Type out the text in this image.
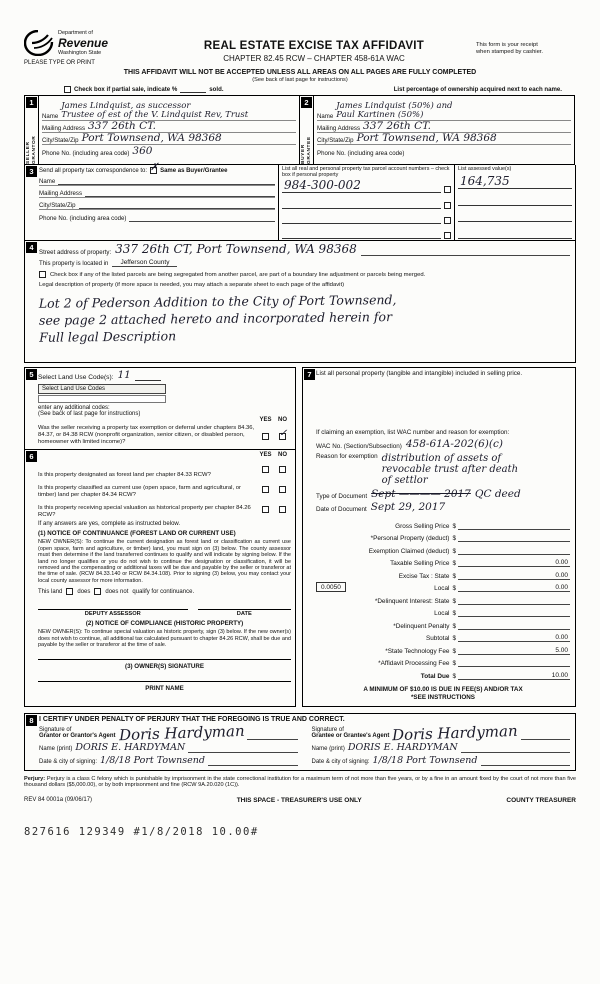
Department of
Revenue
Washington State
PLEASE TYPE OR PRINT
REAL ESTATE EXCISE TAX AFFIDAVIT
CHAPTER 82.45 RCW – CHAPTER 458-61A WAC
This form is your receipt
when stamped by cashier.
THIS AFFIDAVIT WILL NOT BE ACCEPTED UNLESS ALL AREAS ON ALL PAGES ARE FULLY COMPLETED
(See back of last page for instructions)
Check box if partial sale, indicate %	sold.	List percentage of ownership acquired next to each name.
1
SELLER GRANTOR
Name
James Lindquist, as successor
Trustee of est of the V. Lindquist Rev, Trust
Mailing Address 337 26th CT.
City/State/Zip Port Townsend, WA 98368
Phone No. (including area code) 360
2
BUYER GRANTEE
Name
James Lindquist (50%) and
Paul Kartinen (50%)
Mailing Address 337 26th CT.
City/State/Zip Port Townsend, WA 98368
Phone No. (including area code)
3 Send all property tax correspondence to: ✗ Same as Buyer/Grantee
Name
Mailing Address
City/State/Zip
Phone No. (including area code)
List all real and personal property tax parcel account numbers – check box if personal property
984-300-002
List assessed value(s)
164,735
4
Street address of property: 337 26th CT, Port Townsend, WA 98368
This property is located in	Jefferson County
Check box if any of the listed parcels are being segregated from another parcel, are part of a boundary line adjustment or parcels being merged.
Legal description of property (if more space is needed, you may attach a separate sheet to each page of the affidavit)
Lot 2 of Pederson Addition to the City of Port Townsend,
see page 2 attached hereto and incorporated herein for
Full legal Description
5 Select Land Use Code(s): 11
Select Land Use Codes
enter any additional codes:
(See back of last page for instructions)
YES	NO
Was the seller receiving a property tax exemption or deferral under chapters 84.36, 84.37, or 84.38 RCW (nonprofit organization, senior citizen, or disabled person, homeowner with limited income)?
✓
6	YES	NO
Is this property designated as forest land per chapter 84.33 RCW?
Is this property classified as current use (open space, farm and agricultural, or timber) land per chapter 84.34 RCW?
Is this property receiving special valuation as historical property per chapter 84.26 RCW?
If any answers are yes, complete as instructed below.
(1) NOTICE OF CONTINUANCE (FOREST LAND OR CURRENT USE)
NEW OWNER(S): To continue the current designation as forest land or classification as current use (open space, farm and agriculture, or timber) land, you must sign on (3) below. The county assessor must then determine if the land transferred continues to qualify and will indicate by signing below. If the land no longer qualifies or you do not wish to continue the designation or classification, it will be removed and the compensating or additional taxes will be due and payable by the seller or transferor at the time of sale. (RCW 84.33.140 or RCW 84.34.108). Prior to signing (3) below, you may contact your local county assessor for more information.
This land	does	does not qualify for continuance.
DEPUTY ASSESSOR	DATE
(2) NOTICE OF COMPLIANCE (HISTORIC PROPERTY)
NEW OWNER(S): To continue special valuation as historic property, sign (3) below. If the new owner(s) does not wish to continue, all additional tax calculated pursuant to chapter 84.26 RCW, shall be due and payable by the seller or transferor at the time of sale.
(3) OWNER(S) SIGNATURE
PRINT NAME
7 List all personal property (tangible and intangible) included in selling price.
If claiming an exemption, list WAC number and reason for exemption:
WAC No. (Section/Subsection) 458-61A-202(6)(c)
Reason for exemption distribution of assets of
revocable trust after death
of settlor
Type of Document Sept ———— 2017 QC deed
Date of Document Sept 29, 2017
Gross Selling Price $
*Personal Property (deduct) $
Exemption Claimed (deduct) $
Taxable Selling Price $	0.00
Excise Tax : State $	0.00
0.0050	Local $	0.00
*Delinquent Interest: State $
Local $
*Delinquent Penalty $
Subtotal $	0.00
*State Technology Fee $	5.00
*Affidavit Processing Fee $
Total Due $	10.00
A MINIMUM OF $10.00 IS DUE IN FEE(S) AND/OR TAX
*SEE INSTRUCTIONS
8 I CERTIFY UNDER PENALTY OF PERJURY THAT THE FOREGOING IS TRUE AND CORRECT.
Signature of
Grantor or Grantor's Agent Doris Hardyman
Name (print) DORIS E. HARDYMAN
Date & city of signing: 1/8/18 Port Townsend
Signature of
Grantee or Grantee's Agent Doris Hardyman
Name (print) DORIS E. HARDYMAN
Date & city of signing: 1/8/18 Port Townsend
Perjury: Perjury is a class C felony which is punishable by imprisonment in the state correctional institution for a maximum term of not more than five years, or by a fine in an amount fixed by the court of not more than five thousand dollars ($5,000.00), or by both imprisonment and fine (RCW 9A.20.020 (1C)).
REV 84 0001a (09/06/17)	THIS SPACE - TREASURER'S USE ONLY	COUNTY TREASURER
827616 129349 #1/8/2018 10.00#
